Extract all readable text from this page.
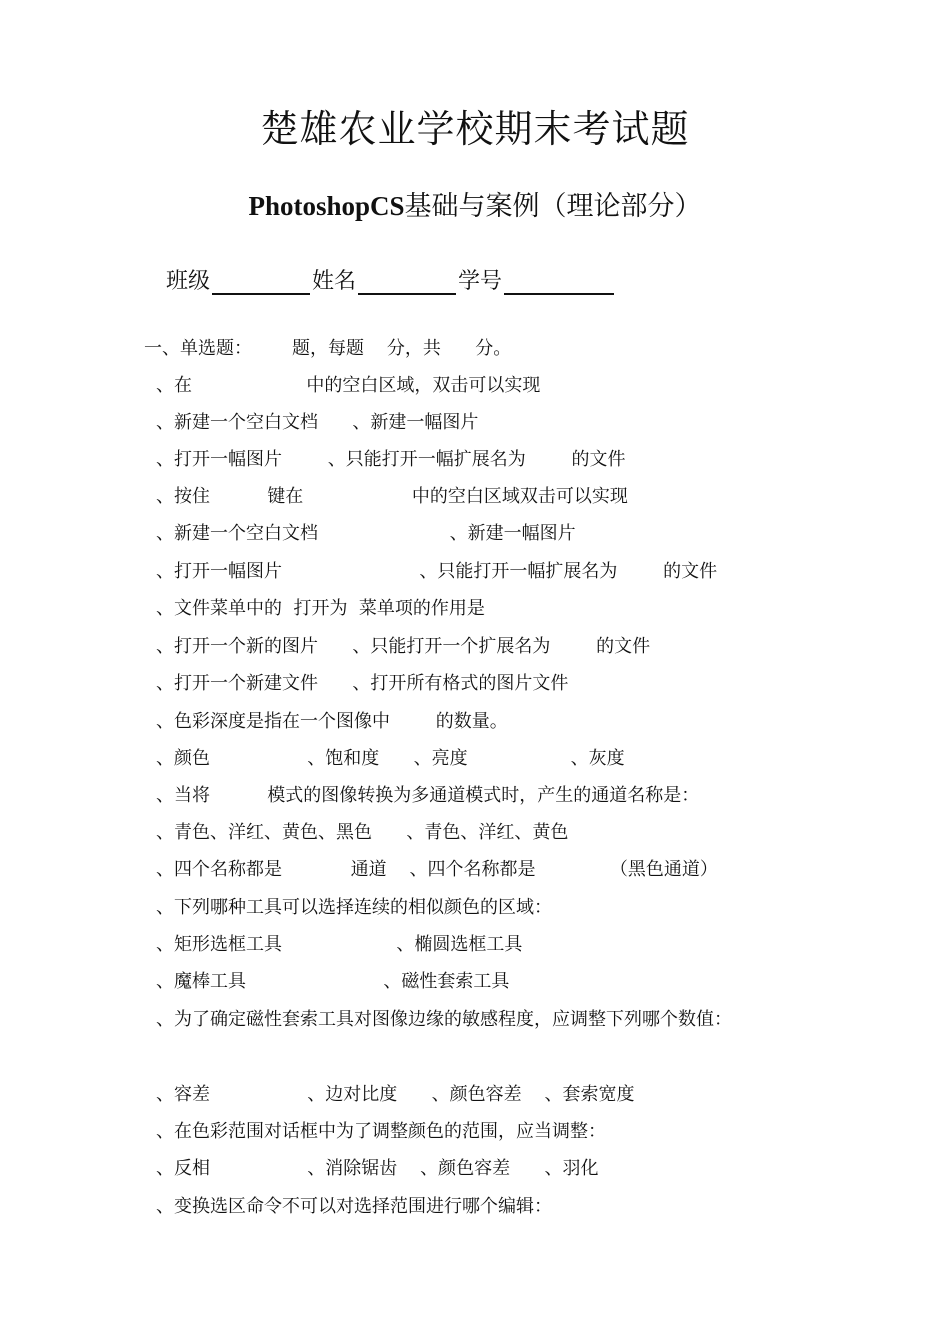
楚雄农业学校期末考试题
PhotoshopCS基础与案例（理论部分）
班级	姓名	学号
一、单选题：       题，每题    分，共      分。
、在                    中的空白区域，双击可以实现
、新建一个空白文档      、新建一幅图片
、打开一幅图片        、只能打开一幅扩展名为        的文件
、按住          键在                   中的空白区域双击可以实现
、新建一个空白文档                       、新建一幅图片
、打开一幅图片                        、只能打开一幅扩展名为        的文件
、文件菜单中的  打开为  菜单项的作用是
、打开一个新的图片      、只能打开一个扩展名为        的文件
、打开一个新建文件      、打开所有格式的图片文件
、色彩深度是指在一个图像中        的数量。
、颜色                 、饱和度      、亮度                  、灰度
、当将          模式的图像转换为多通道模式时，产生的通道名称是：
、青色、洋红、黄色、黑色      、青色、洋红、黄色
、四个名称都是            通道    、四个名称都是             （黑色通道）
、下列哪种工具可以选择连续的相似颜色的区域：
、矩形选框工具                    、椭圆选框工具
、魔棒工具                        、磁性套索工具
、为了确定磁性套索工具对图像边缘的敏感程度，应调整下列哪个数值：
、容差                 、边对比度      、颜色容差    、套索宽度
、在色彩范围对话框中为了调整颜色的范围，应当调整：
、反相                 、消除锯齿    、颜色容差      、羽化
、变换选区命令不可以对选择范围进行哪个编辑：
